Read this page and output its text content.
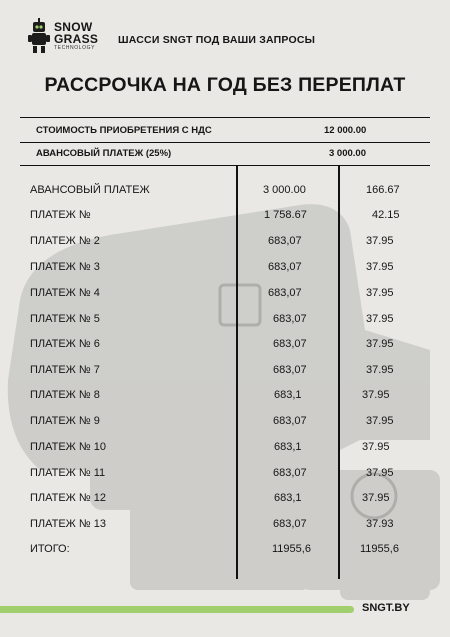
SNOW
GRASS
TECHNOLOGY
ШАССИ SNGT ПОД ВАШИ ЗАПРОСЫ
РАССРОЧКА НА ГОД БЕЗ ПЕРЕПЛАТ
СТОИМОСТЬ ПРИОБРЕТЕНИЯ С НДС	12 000.00
АВАНСОВЫЙ ПЛАТЕЖ (25%)	3 000.00
АВАНСОВЫЙ ПЛАТЕЖ	3 000.00	166.67
ПЛАТЕЖ №	1 758.67	42.15
ПЛАТЕЖ № 2	683,07	37.95
ПЛАТЕЖ № 3	683,07	37.95
ПЛАТЕЖ № 4	683,07	37.95
ПЛАТЕЖ № 5	683,07	37.95
ПЛАТЕЖ № 6	683,07	37.95
ПЛАТЕЖ № 7	683,07	37.95
ПЛАТЕЖ № 8	683,1	37.95
ПЛАТЕЖ № 9	683,07	37.95
ПЛАТЕЖ № 10	683,1	37.95
ПЛАТЕЖ № 11	683,07	37.95
ПЛАТЕЖ № 12	683,1	37.95
ПЛАТЕЖ № 13	683,07	37.93
ИТОГО:	11955,6	11955,6
SNGT.BY
